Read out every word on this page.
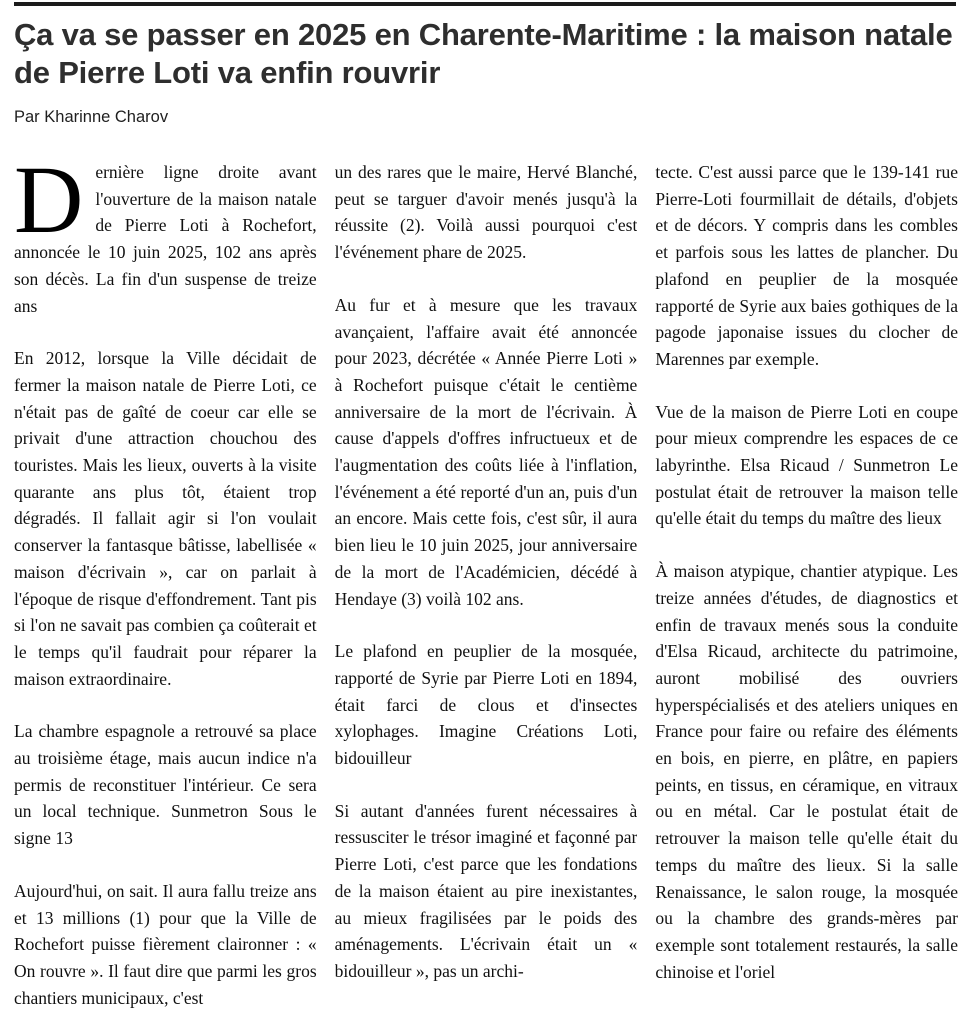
Ça va se passer en 2025 en Charente-Maritime : la maison natale de Pierre Loti va enfin rouvrir
Par Kharinne Charov

Dernière ligne droite avant l'ouverture de la maison natale de Pierre Loti à Rochefort, annoncée le 10 juin 2025, 102 ans après son décès. La fin d'un suspense de treize ans

En 2012, lorsque la Ville décidait de fermer la maison natale de Pierre Loti, ce n'était pas de gaîté de coeur car elle se privait d'une attraction chouchou des touristes. Mais les lieux, ouverts à la visite quarante ans plus tôt, étaient trop dégradés. Il fallait agir si l'on voulait conserver la fantasque bâtisse, labellisée « maison d'écrivain », car on parlait à l'époque de risque d'effondrement. Tant pis si l'on ne savait pas combien ça coûterait et le temps qu'il faudrait pour réparer la maison extraordinaire.

La chambre espagnole a retrouvé sa place au troisième étage, mais aucun indice n'a permis de reconstituer l'intérieur. Ce sera un local technique. Sunmetron Sous le signe 13

Aujourd'hui, on sait. Il aura fallu treize ans et 13 millions (1) pour que la Ville de Rochefort puisse fièrement claironner : « On rouvre ». Il faut dire que parmi les gros chantiers municipaux, c'est

un des rares que le maire, Hervé Blanché, peut se targuer d'avoir menés jusqu'à la réussite (2). Voilà aussi pourquoi c'est l'événement phare de 2025.

Au fur et à mesure que les travaux avançaient, l'affaire avait été annoncée pour 2023, décrétée « Année Pierre Loti » à Rochefort puisque c'était le centième anniversaire de la mort de l'écrivain. À cause d'appels d'offres infructueux et de l'augmentation des coûts liée à l'inflation, l'événement a été reporté d'un an, puis d'un an encore. Mais cette fois, c'est sûr, il aura bien lieu le 10 juin 2025, jour anniversaire de la mort de l'Académicien, décédé à Hendaye (3) voilà 102 ans.

Le plafond en peuplier de la mosquée, rapporté de Syrie par Pierre Loti en 1894, était farci de clous et d'insectes xylophages. Imagine Créations Loti, bidouilleur

Si autant d'années furent nécessaires à ressusciter le trésor imaginé et façonné par Pierre Loti, c'est parce que les fondations de la maison étaient au pire inexistantes, au mieux fragilisées par le poids des aménagements. L'écrivain était un « bidouilleur », pas un archi-

tecte. C'est aussi parce que le 139-141 rue Pierre-Loti fourmillait de détails, d'objets et de décors. Y compris dans les combles et parfois sous les lattes de plancher. Du plafond en peuplier de la mosquée rapporté de Syrie aux baies gothiques de la pagode japonaise issues du clocher de Marennes par exemple.

Vue de la maison de Pierre Loti en coupe pour mieux comprendre les espaces de ce labyrinthe. Elsa Ricaud / Sunmetron Le postulat était de retrouver la maison telle qu'elle était du temps du maître des lieux

À maison atypique, chantier atypique. Les treize années d'études, de diagnostics et enfin de travaux menés sous la conduite d'Elsa Ricaud, architecte du patrimoine, auront mobilisé des ouvriers hyperspécialisés et des ateliers uniques en France pour faire ou refaire des éléments en bois, en pierre, en plâtre, en papiers peints, en tissus, en céramique, en vitraux ou en métal. Car le postulat était de retrouver la maison telle qu'elle était du temps du maître des lieux. Si la salle Renaissance, le salon rouge, la mosquée ou la chambre des grands-mères par exemple sont totalement restaurés, la salle chinoise et l'oriel
